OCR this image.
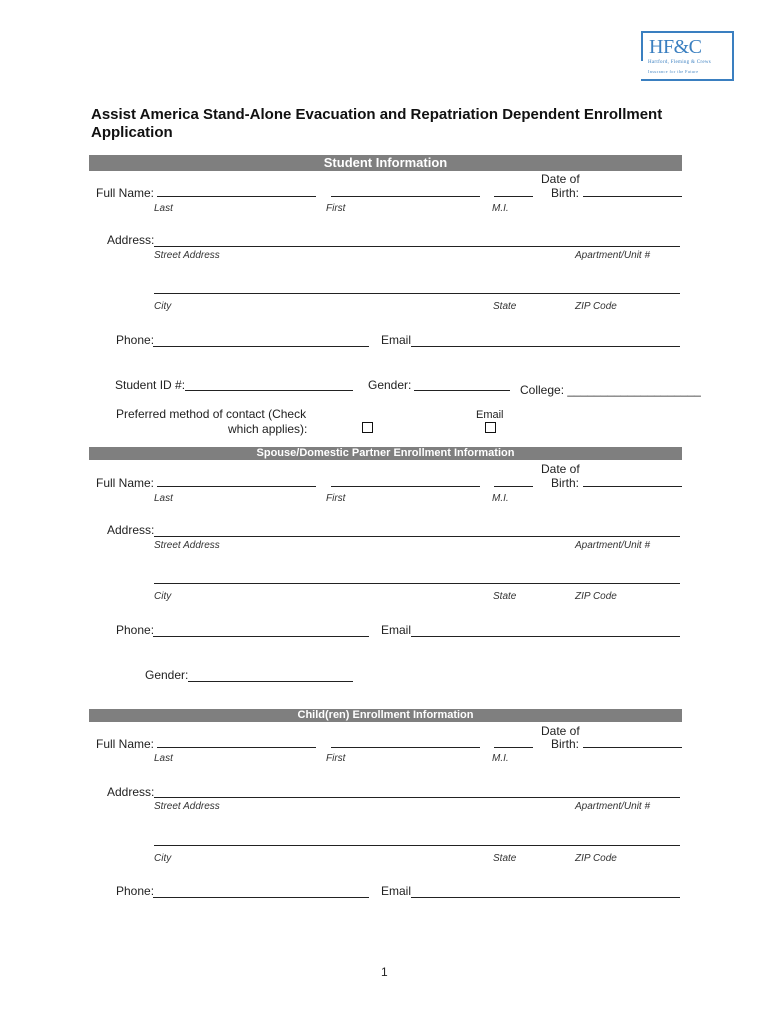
HF&C
Hartford, Fleming & Crews
Insurance for the Future
Assist America Stand-Alone Evacuation and Repatriation Dependent Enrollment Application
Student Information
Full Name:
Date of
Birth:
Last	First	M.I.
Address:
Street Address	Apartment/Unit #
City	State	ZIP Code
Phone:	Email
Student ID #:	Gender:	College: ____________________
Preferred method of contact (Check
which applies):
Email
Spouse/Domestic Partner Enrollment Information
Full Name:
Date of
Birth:
Last	First	M.I.
Address:
Street Address	Apartment/Unit #
City	State	ZIP Code
Phone:	Email
Gender:
Child(ren) Enrollment Information
Full Name:
Date of
Birth:
Last	First	M.I.
Address:
Street Address	Apartment/Unit #
City	State	ZIP Code
Phone:	Email
1
